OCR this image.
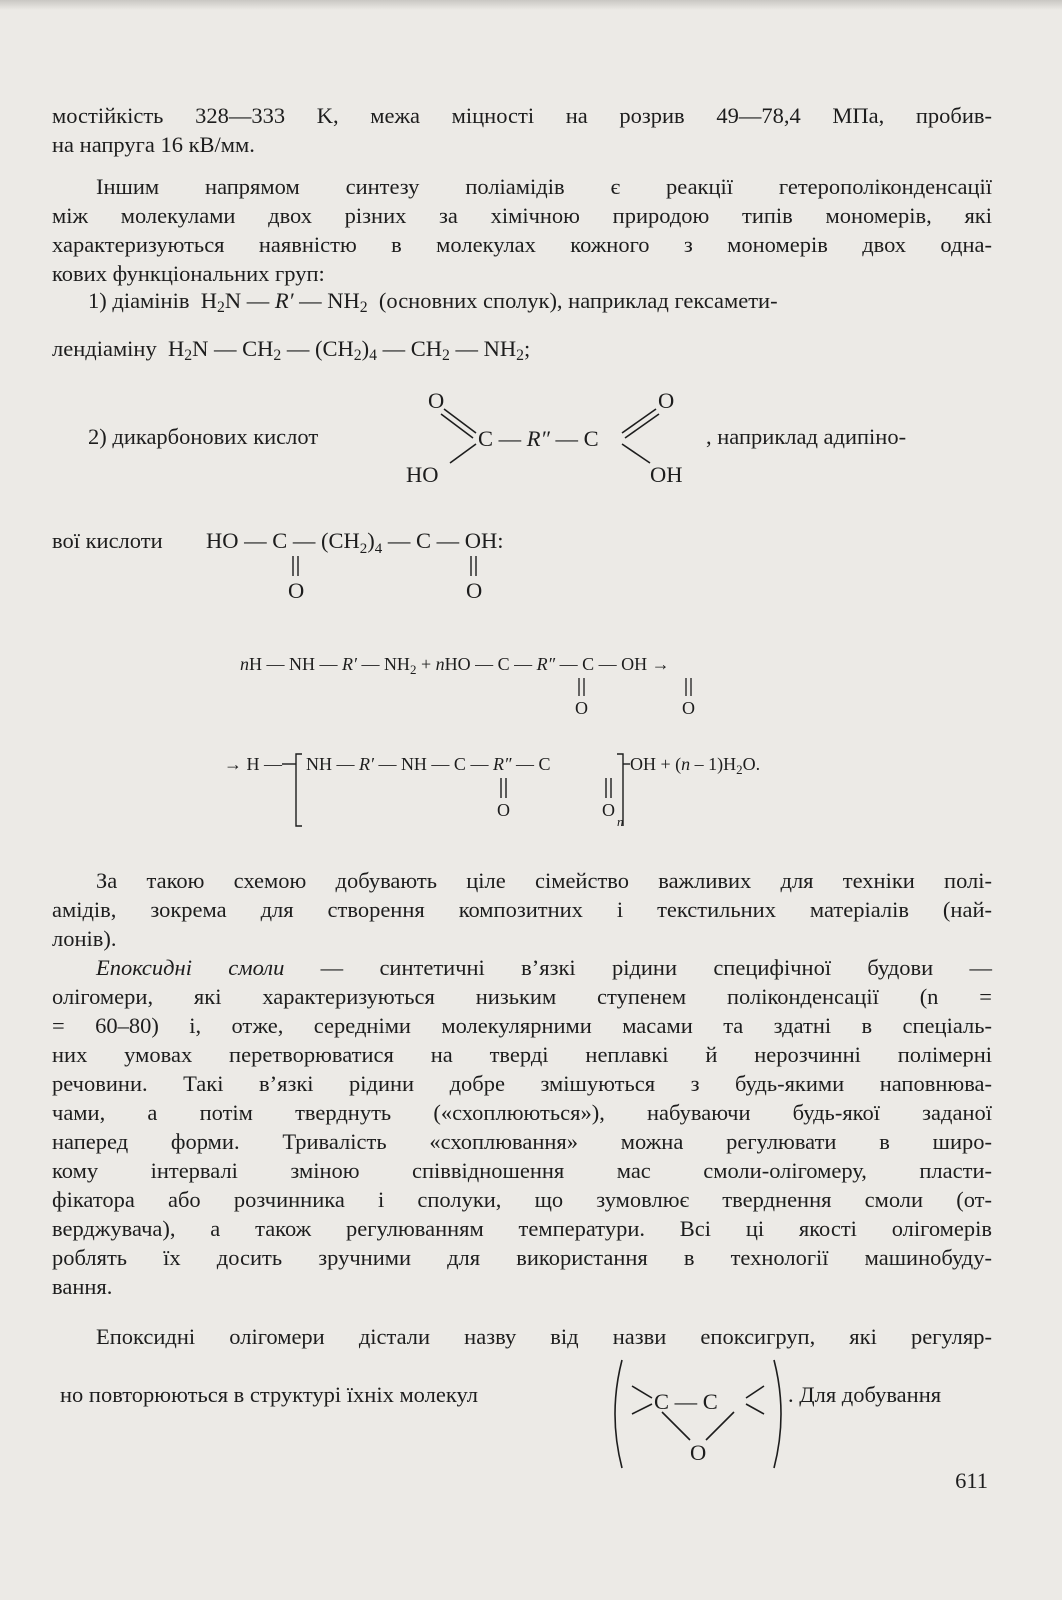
мостійкість 328—333 K, межа міцності на розрив 49—78,4 МПа, пробив-

на напруга 16 кВ/мм.

Іншим напрямом синтезу поліамідів є реакції гетерополіконденсації

між молекулами двох різних за хімічною природою типів мономерів, які

характеризуються наявністю в молекулах кожного з мономерів двох одна-

кових функціональних груп:

1) діамінів  $H_2N$ — R′ — $NH_2$ (основних сполук), наприклад гексамети-
лендіаміну  $H_2N$ — $CH_2$ — $(CH_2)_4$ — $CH_2$ — $NH_2$;
2) дикарбонових кислот
O	O
HO	OH
C — R″ — C	, наприклад адипіно-
вої кислоти HO — C — $(CH_2)_4$ — C — OH:
O	O
nH — NH — R′ — $NH_2$ + nHO — C — R″ — C — OH →
O	O
→ H — NH — R′ — NH — C — R″ — C	OH + $(n - 1)H_2O$.
O	O
n

За такою схемою добувають ціле сімейство важливих для техніки полі-

амідів, зокрема для створення композитних і текстильних матеріалів (най-

лонів).

Епоксидні смоли — синтетичні в’язкі рідини специфічної будови —

олігомери, які характеризуються низьким ступенем поліконденсації (n =

= 60–80) і, отже, середніми молекулярними масами та здатні в спеціаль-

них умовах перетворюватися на тверді неплавкі й нерозчинні полімерні

речовини. Такі в’язкі рідини добре змішуються з будь-якими наповнюва-

чами, а потім тверднуть («схоплюються»), набуваючи будь-якої заданої

наперед форми. Тривалість «схоплювання» можна регулювати в широ-

кому інтервалі зміною співвідношення мас смоли-олігомеру, пласти-

фікатора або розчинника і сполуки, що зумовлює тверднення смоли (от-

верджувача), а також регулюванням температури. Всі ці якості олігомерів

роблять їх досить зручними для використання в технології машинобуду-

вання.

Епоксидні олігомери дістали назву від назви епоксигруп, які регуляр-

но повторюються в структурі їхніх молекул	C — C
O
. Для добування
611
